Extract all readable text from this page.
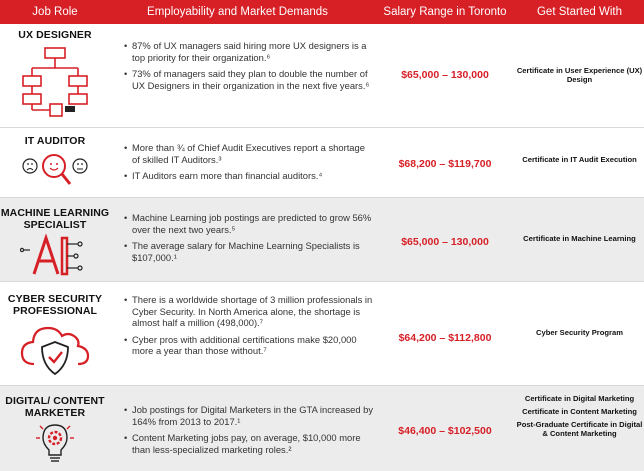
Job Role	Employability and Market Demands	Salary Range in Toronto	Get Started With
UX DESIGNER
• 87% of UX managers said hiring more UX designers is a top priority for their organization.⁶
• 73% of managers said they plan to double the number of UX Designers in their organization in the next five years.⁶
$65,000 – 130,000	Certificate in User Experience (UX) Design
IT AUDITOR
• More than ¾ of Chief Audit Executives report a shortage of skilled IT Auditors.³
• IT Auditors earn more than financial auditors.⁴
$68,200 – $119,700	Certificate in IT Audit Execution
MACHINE LEARNING
SPECIALIST
• Machine Learning job postings are predicted to grow 56% over the next two years.⁵
• The average salary for Machine Learning Specialists is $107,000.¹
$65,000 – 130,000	Certificate in Machine Learning
CYBER SECURITY
PROFESSIONAL
• There is a worldwide shortage of 3 million professionals in Cyber Security. In North America alone, the shortage is almost half a million (498,000).⁷
• Cyber pros with additional certifications make $20,000 more a year than those without.⁷
$64,200 – $112,800	Cyber Security Program
DIGITAL/ CONTENT
MARKETER
•	Job postings for Digital Marketers in the GTA increased by 164% from 2013 to 2017.¹
• Content Marketing jobs pay, on average, $10,000 more than less-specialized marketing roles.²
$46,400 – $102,500
Certificate in Digital Marketing
Certificate in Content Marketing
Post-Graduate Certificate in Digital & Content Marketing
